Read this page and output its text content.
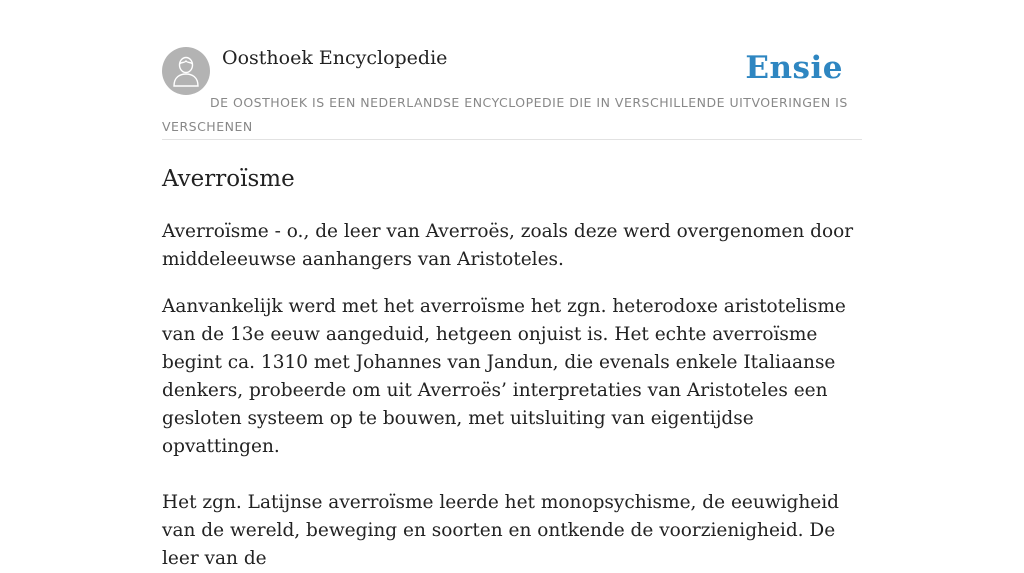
Oosthoek Encyclopedie	Ensie
DE OOSTHOEK IS EEN NEDERLANDSE ENCYCLOPEDIE DIE IN VERSCHILLENDE UITVOERINGEN IS VERSCHENEN
Averroïsme

Averroïsme - o., de leer van Averroës, zoals deze werd overgenomen door middeleeuwse aanhangers van Aristoteles.

Aanvankelijk werd met het averroïsme het zgn. heterodoxe aristotelisme van de 13e eeuw aangeduid, hetgeen onjuist is. Het echte averroïsme begint ca. 1310 met Johannes van Jandun, die evenals enkele Italiaanse denkers, probeerde om uit Averroës’ interpretaties van Aristoteles een gesloten systeem op te bouwen, met uitsluiting van eigentijdse opvattingen.

Het zgn. Latijnse averroïsme leerde het monopsychisme, de eeuwigheid van de wereld, beweging en soorten en ontkende de voorzienigheid. De leer van de
